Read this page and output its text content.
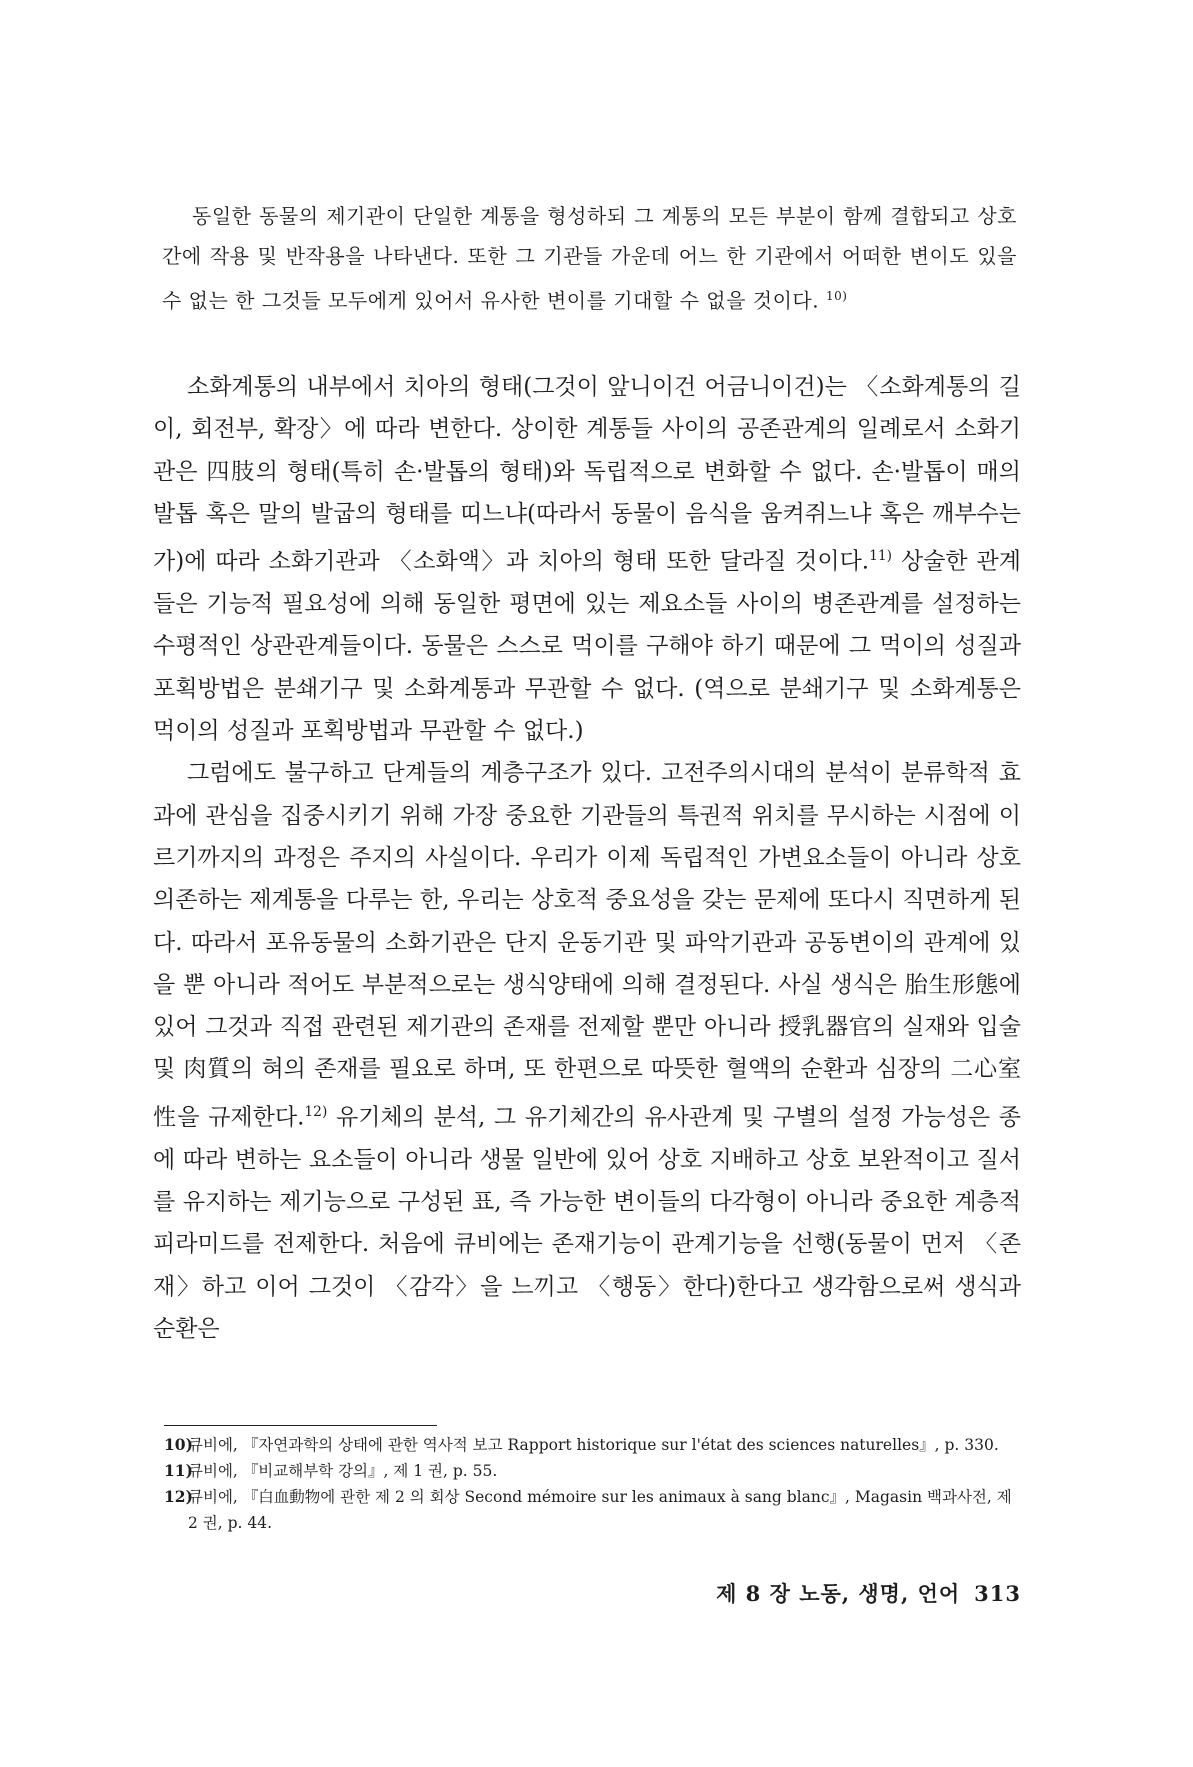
동일한 동물의 제기관이 단일한 계통을 형성하되 그 계통의 모든 부분이 함께 결합되고 상호간에 작용 및 반작용을 나타낸다. 또한 그 기관들 가운데 어느 한 기관에서 어떠한 변이도 있을 수 없는 한 그것들 모두에게 있어서 유사한 변이를 기대할 수 없을 것이다. $^{10)}$

소화계통의 내부에서 치아의 형태(그것이 앞니이건 어금니이건)는 〈소화계통의 길이, 회전부, 확장〉에 따라 변한다. 상이한 계통들 사이의 공존관계의 일례로서 소화기관은 四肢의 형태(특히 손·발톱의 형태)와 독립적으로 변화할 수 없다. 손·발톱이 매의 발톱 혹은 말의 발굽의 형태를 띠느냐(따라서 동물이 음식을 움켜쥐느냐 혹은 깨부수는가)에 따라 소화기관과 〈소화액〉과 치아의 형태 또한 달라질 것이다.$^{11)}$ 상술한 관계들은 기능적 필요성에 의해 동일한 평면에 있는 제요소들 사이의 병존관계를 설정하는 수평적인 상관관계들이다. 동물은 스스로 먹이를 구해야 하기 때문에 그 먹이의 성질과 포획방법은 분쇄기구 및 소화계통과 무관할 수 없다. (역으로 분쇄기구 및 소화계통은 먹이의 성질과 포획방법과 무관할 수 없다.)

그럼에도 불구하고 단계들의 계층구조가 있다. 고전주의시대의 분석이 분류학적 효과에 관심을 집중시키기 위해 가장 중요한 기관들의 특권적 위치를 무시하는 시점에 이르기까지의 과정은 주지의 사실이다. 우리가 이제 독립적인 가변요소들이 아니라 상호의존하는 제계통을 다루는 한, 우리는 상호적 중요성을 갖는 문제에 또다시 직면하게 된다. 따라서 포유동물의 소화기관은 단지 운동기관 및 파악기관과 공동변이의 관계에 있을 뿐 아니라 적어도 부분적으로는 생식양태에 의해 결정된다. 사실 생식은 胎生形態에 있어 그것과 직접 관련된 제기관의 존재를 전제할 뿐만 아니라 授乳器官의 실재와 입술 및 肉質의 혀의 존재를 필요로 하며, 또 한편으로 따뜻한 혈액의 순환과 심장의 二心室性을 규제한다.$^{12)}$ 유기체의 분석, 그 유기체간의 유사관계 및 구별의 설정 가능성은 종에 따라 변하는 요소들이 아니라 생물 일반에 있어 상호 지배하고 상호 보완적이고 질서를 유지하는 제기능으로 구성된 표, 즉 가능한 변이들의 다각형이 아니라 중요한 계층적 피라미드를 전제한다. 처음에 큐비에는 존재기능이 관계기능을 선행(동물이 먼저 〈존재〉하고 이어 그것이 〈감각〉을 느끼고 〈행동〉한다)한다고 생각함으로써 생식과 순환은

10)큐비에, 『자연과학의 상태에 관한 역사적 보고 Rapport historique sur l'état des sciences naturelles』, p. 330.

11)큐비에, 『비교해부학 강의』, 제 1 권, p. 55.

12)큐비에, 『白血動物에 관한 제 2 의 회상 Second mémoire sur les animaux à sang blanc』, Magasin 백과사전, 제 2 권, p. 44.

제 8 장 노동, 생명, 언어 313
